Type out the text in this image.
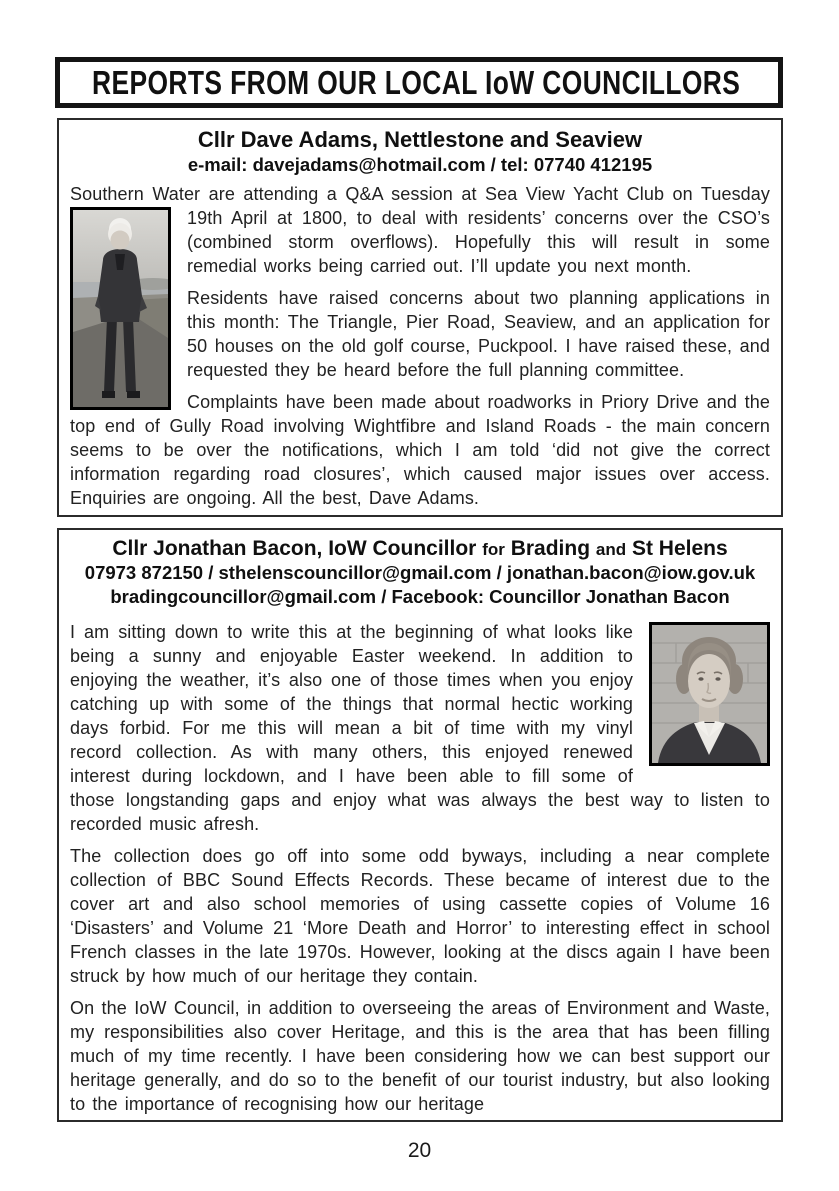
REPORTS FROM OUR LOCAL IoW COUNCILLORS
Cllr Dave Adams, Nettlestone and Seaview
e-mail: davejadams@hotmail.com / tel: 07740 412195

Southern Water are attending a Q&A session at Sea View Yacht Club on Tuesday 19th April at 1800, to deal with residents’ concerns over the CSO’s (combined storm overflows). Hopefully this will result in some remedial works being carried out. I’ll update you next month.

Residents have raised concerns about two planning applications in this month: The Triangle, Pier Road, Seaview, and an application for 50 houses on the old golf course, Puckpool. I have raised these, and requested they be heard before the full planning committee.

Complaints have been made about roadworks in Priory Drive and the top end of Gully Road involving Wightfibre and Island Roads - the main concern seems to be over the notifications, which I am told ‘did not give the correct information regarding road closures’, which caused major issues over access. Enquiries are ongoing. All the best, Dave Adams.

Cllr Jonathan Bacon, IoW Councillor for Brading and St Helens
07973 872150 / sthelenscouncillor@gmail.com / jonathan.bacon@iow.gov.uk
bradingcouncillor@gmail.com / Facebook: Councillor Jonathan Bacon

I am sitting down to write this at the beginning of what looks like being a sunny and enjoyable Easter weekend. In addition to enjoying the weather, it’s also one of those times when you enjoy catching up with some of the things that normal hectic working days forbid. For me this will mean a bit of time with my vinyl record collection. As with many others, this enjoyed renewed interest during lockdown, and I have been able to fill some of those longstanding gaps and enjoy what was always the best way to listen to recorded music afresh.

The collection does go off into some odd byways, including a near complete collection of BBC Sound Effects Records. These became of interest due to the cover art and also school memories of using cassette copies of Volume 16 ‘Disasters’ and Volume 21 ‘More Death and Horror’ to interesting effect in school French classes in the late 1970s. However, looking at the discs again I have been struck by how much of our heritage they contain.

On the IoW Council, in addition to overseeing the areas of Environment and Waste, my responsibilities also cover Heritage, and this is the area that has been filling much of my time recently. I have been considering how we can best support our heritage generally, and do so to the benefit of our tourist industry, but also looking to the importance of recognising how our heritage

20
